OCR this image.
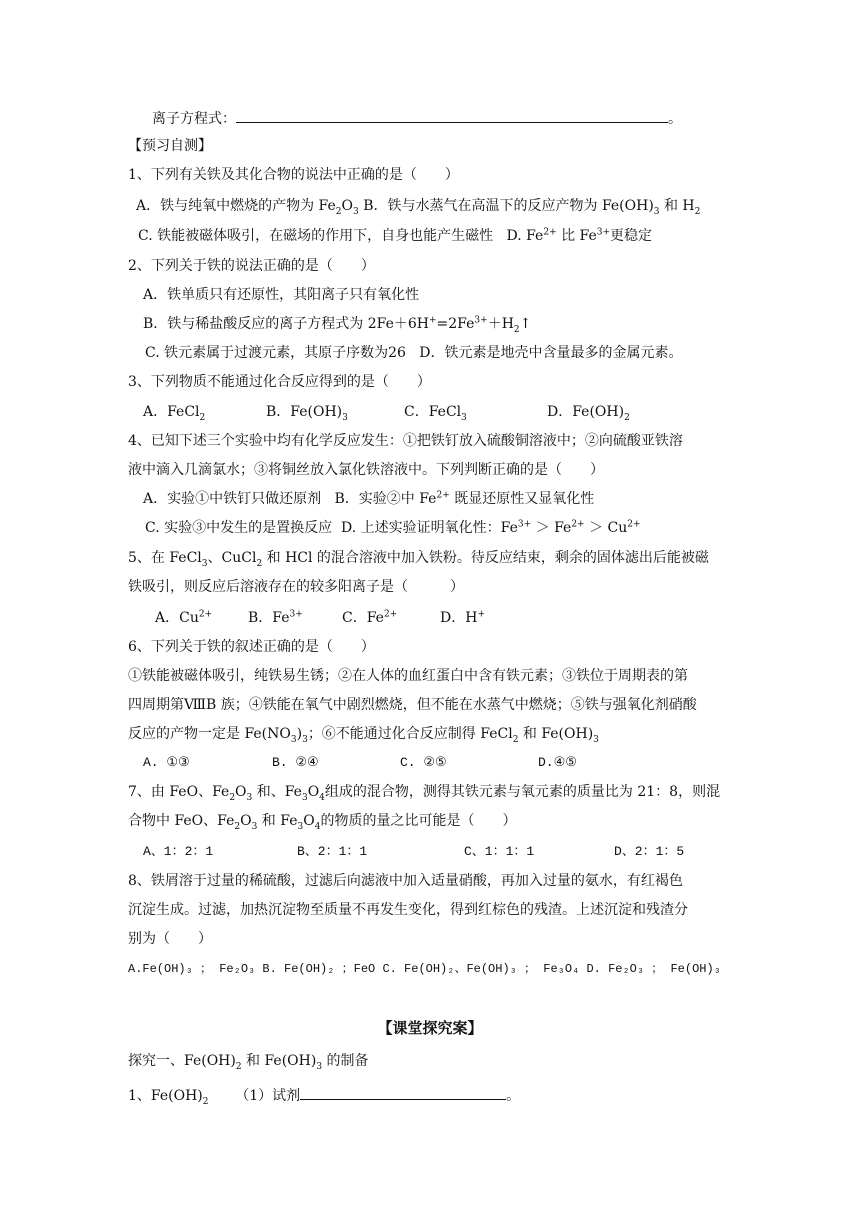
离子方程式：	。
【预习自测】
1、下列有关铁及其化合物的说法中正确的是（　　）
A．铁与纯氧中燃烧的产物为 $Fe_2O_3$ B．铁与水蒸气在高温下的反应产物为 $Fe(OH)_3$ 和 $H_2$
C. 铁能被磁体吸引，在磁场的作用下，自身也能产生磁性 D. $Fe^{2+}$ 比 $Fe^{3+}$更稳定
2、下列关于铁的说法正确的是（　　）
A．铁单质只有还原性，其阳离子只有氧化性
B．铁与稀盐酸反应的离子方程式为 $2Fe+6H^+=2Fe^{3+}+H_2↑$
C. 铁元素属于过渡元素，其原子序数为26 D．铁元素是地壳中含量最多的金属元素。
3、下列物质不能通过化合反应得到的是（　　）
A．FeCl$_2$	B．$Fe(OH)_3$	C．FeCl$_3$	D．$Fe(OH)_2$
4、已知下述三个实验中均有化学反应发生：①把铁钉放入硫酸铜溶液中；②向硫酸亚铁溶
液中滴入几滴氯水；③将铜丝放入氯化铁溶液中。下列判断正确的是（　　）
A．实验①中铁钉只做还原剂 B．实验②中 $Fe^{2+}$ 既显还原性又显氧化性
C. 实验③中发生的是置换反应 D. 上述实验证明氧化性：$Fe^{3+} > Fe^{2+} > Cu^{2+}$
5、在 FeCl$_3$、CuCl$_2$ 和 HCl 的混合溶液中加入铁粉。待反应结束，剩余的固体滤出后能被磁
铁吸引，则反应后溶液存在的较多阳离子是（　　　）
A．$Cu^{2+}$	B．$Fe^{3+}$	C．$Fe^{2+}$	D．H+
6、下列关于铁的叙述正确的是（　　）
①铁能被磁体吸引，纯铁易生锈；②在人体的血红蛋白中含有铁元素；③铁位于周期表的第
四周期第ⅧB 族；④铁能在氧气中剧烈燃烧，但不能在水蒸气中燃烧；⑤铁与强氧化剂硝酸
反应的产物一定是 $Fe(NO_3)_3$；⑥不能通过化合反应制得 FeCl$_2$ 和 $Fe(OH)_3$
A. ①③	B. ②④	C. ②⑤	D.④⑤
7、由 FeO、$Fe_2O_3$ 和、$Fe_3O_4$组成的混合物，测得其铁元素与氧元素的质量比为 21：8，则混
合物中 FeO、$Fe_2O_3$ 和 $Fe_3O_4$的物质的量之比可能是（　　）
A、1：2：1	B、2：1：1	C、1：1：1	D、2：1：5
8、铁屑溶于过量的稀硫酸，过滤后向滤液中加入适量硝酸，再加入过量的氨水，有红褐色
沉淀生成。过滤，加热沉淀物至质量不再发生变化，得到红棕色的残渣。上述沉淀和残渣分
别为（　　）
A.Fe(OH)₃ ； Fe₂O₃ B. Fe(OH)₂ ；FeO C. Fe(OH)₂、Fe(OH)₃ ； Fe₃O₄ D. Fe₂O₃ ； Fe(OH)₃
【课堂探究案】
探究一、$Fe(OH)_2$ 和 $Fe(OH)_3$ 的制备
1、$Fe(OH)_2$ （1）试剂	。
